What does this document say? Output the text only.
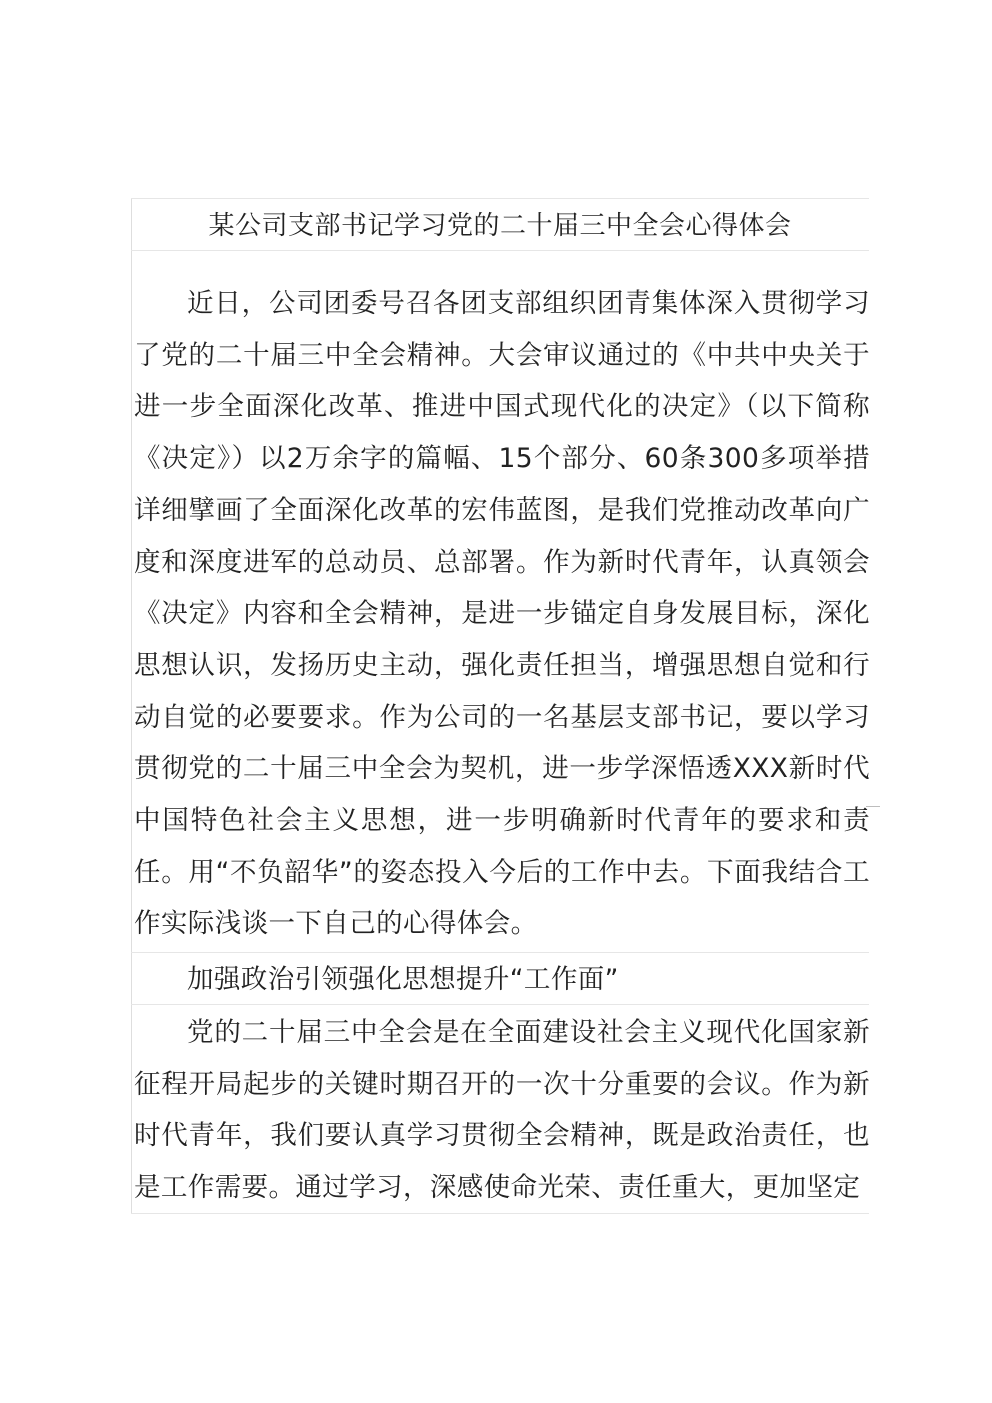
某公司支部书记学习党的二十届三中全会心得体会

近日，公司团委号召各团支部组织团青集体深入贯彻学习了党的二十届三中全会精神。大会审议通过的《中共中央关于进一步全面深化改革、推进中国式现代化的决定》（以下简称《决定》）以2万余字的篇幅、15个部分、60条300多项举措详细擘画了全面深化改革的宏伟蓝图，是我们党推动改革向广度和深度进军的总动员、总部署。作为新时代青年，认真领会《决定》内容和全会精神，是进一步锚定自身发展目标，深化思想认识，发扬历史主动，强化责任担当，增强思想自觉和行动自觉的必要要求。作为公司的一名基层支部书记，要以学习贯彻党的二十届三中全会为契机，进一步学深悟透XXX新时代中国特色社会主义思想，进一步明确新时代青年的要求和责任。用“不负韶华”的姿态投入今后的工作中去。下面我结合工作实际浅谈一下自己的心得体会。

加强政治引领强化思想提升“工作面”

党的二十届三中全会是在全面建设社会主义现代化国家新征程开局起步的关键时期召开的一次十分重要的会议。作为新时代青年，我们要认真学习贯彻全会精神，既是政治责任，也是工作需要。通过学习，深感使命光荣、责任重大，更加坚定
